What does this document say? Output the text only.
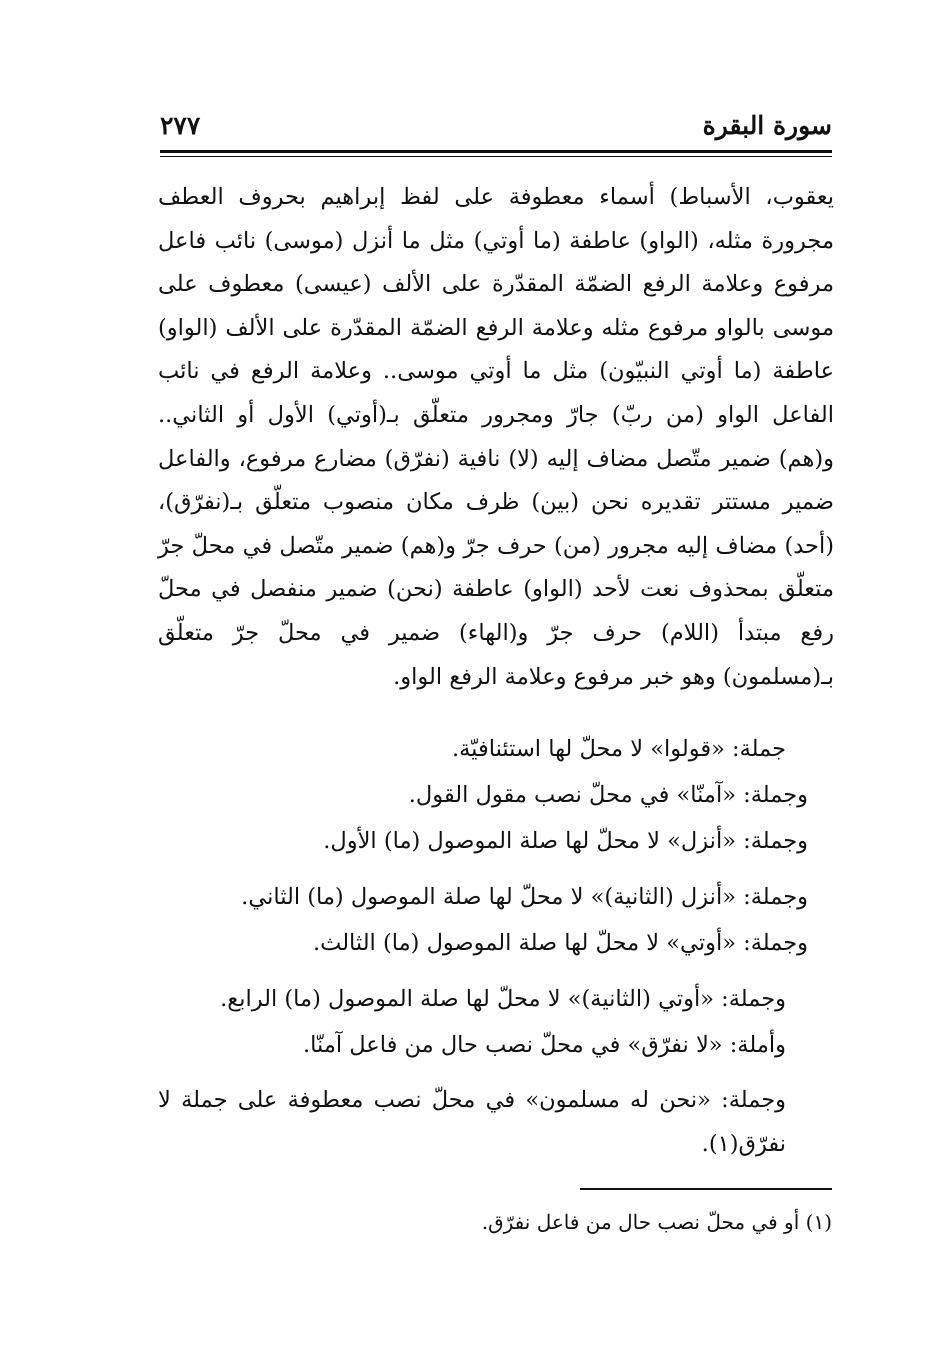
سورة البقرة
٢٧٧

يعقوب، الأسباط) أسماء معطوفة على لفظ إبراهيم بحروف العطف مجرورة مثله، (الواو) عاطفة (ما أوتي) مثل ما أنزل (موسى) نائب فاعل مرفوع وعلامة الرفع الضمّة المقدّرة على الألف (عيسى) معطوف على موسى بالواو مرفوع مثله وعلامة الرفع الضمّة المقدّرة على الألف (الواو) عاطفة (ما أوتي النبيّون) مثل ما أوتي موسى.. وعلامة الرفع في نائب الفاعل الواو (من ربّ) جارّ ومجرور متعلّق بـ(أوتي) الأول أو الثاني.. و(هم) ضمير متّصل مضاف إليه (لا) نافية (نفرّق) مضارع مرفوع، والفاعل ضمير مستتر تقديره نحن (بين) ظرف مكان منصوب متعلّق بـ(نفرّق)، (أحد) مضاف إليه مجرور (من) حرف جرّ و(هم) ضمير متّصل في محلّ جرّ متعلّق بمحذوف نعت لأحد (الواو) عاطفة (نحن) ضمير منفصل في محلّ رفع مبتدأ (اللام) حرف جرّ و(الهاء) ضمير في محلّ جرّ متعلّق بـ(مسلمون) وهو خبر مرفوع وعلامة الرفع الواو.

جملة: «قولوا» لا محلّ لها استئنافيّة.
وجملة: «آمنّا» في محلّ نصب مقول القول.
وجملة: «أنزل» لا محلّ لها صلة الموصول (ما) الأول.
وجملة: «أنزل (الثانية)» لا محلّ لها صلة الموصول (ما) الثاني.
وجملة: «أوتي» لا محلّ لها صلة الموصول (ما) الثالث.
وجملة: «أوتي (الثانية)» لا محلّ لها صلة الموصول (ما) الرابع.
وأملة: «لا نفرّق» في محلّ نصب حال من فاعل آمنّا.
وجملة: «نحن له مسلمون» في محلّ نصب معطوفة على جملة لا نفرّق(١).

(١) أو في محلّ نصب حال من فاعل نفرّق.
